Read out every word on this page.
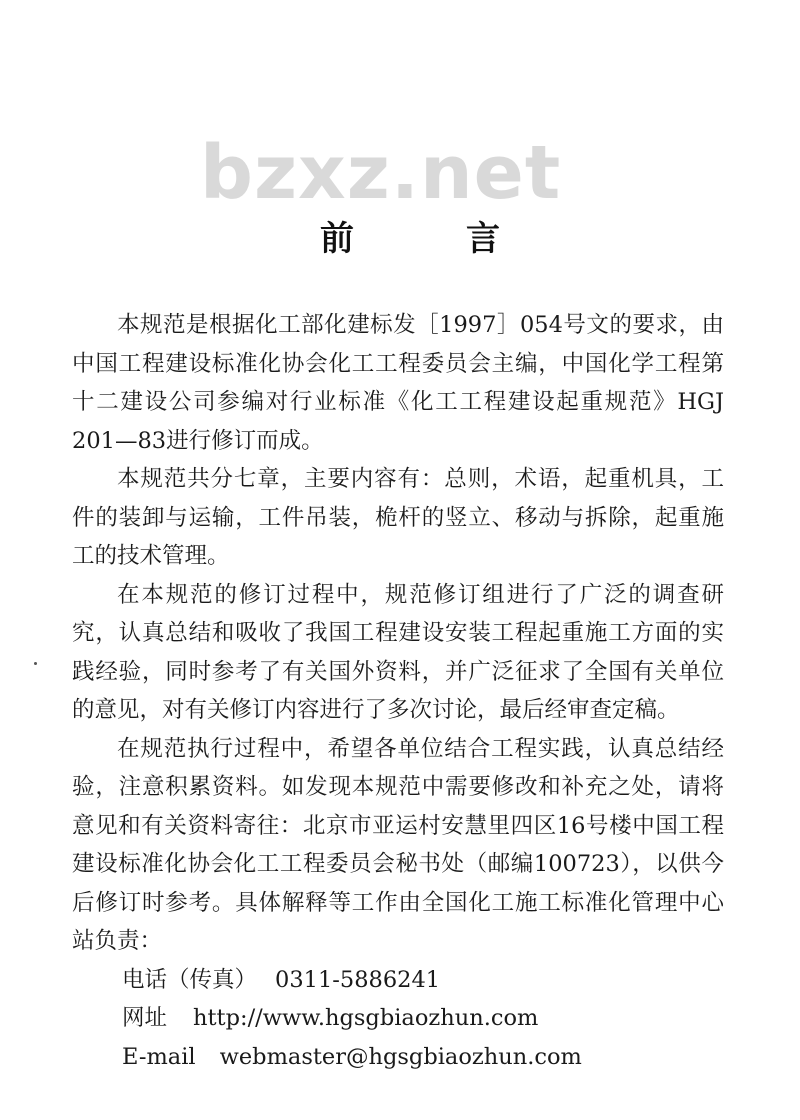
bzxz.net
前	言

本规范是根据化工部化建标发［1997］054号文的要求，由中国工程建设标准化协会化工工程委员会主编，中国化学工程第十二建设公司参编对行业标准《化工工程建设起重规范》HGJ 201—83进行修订而成。

本规范共分七章，主要内容有：总则，术语，起重机具，工件的装卸与运输，工件吊装，桅杆的竖立、移动与拆除，起重施工的技术管理。

在本规范的修订过程中，规范修订组进行了广泛的调查研究，认真总结和吸收了我国工程建设安装工程起重施工方面的实践经验，同时参考了有关国外资料，并广泛征求了全国有关单位的意见，对有关修订内容进行了多次讨论，最后经审查定稿。

在规范执行过程中，希望各单位结合工程实践，认真总结经验，注意积累资料。如发现本规范中需要修改和补充之处，请将意见和有关资料寄往：北京市亚运村安慧里四区16号楼中国工程建设标准化协会化工工程委员会秘书处（邮编100723），以供今后修订时参考。具体解释等工作由全国化工施工标准化管理中心站负责：

电话（传真） 0311-5886241
网址 http://www.hgsgbiaozhun.com
E-mail webmaster@hgsgbiaozhun.com
